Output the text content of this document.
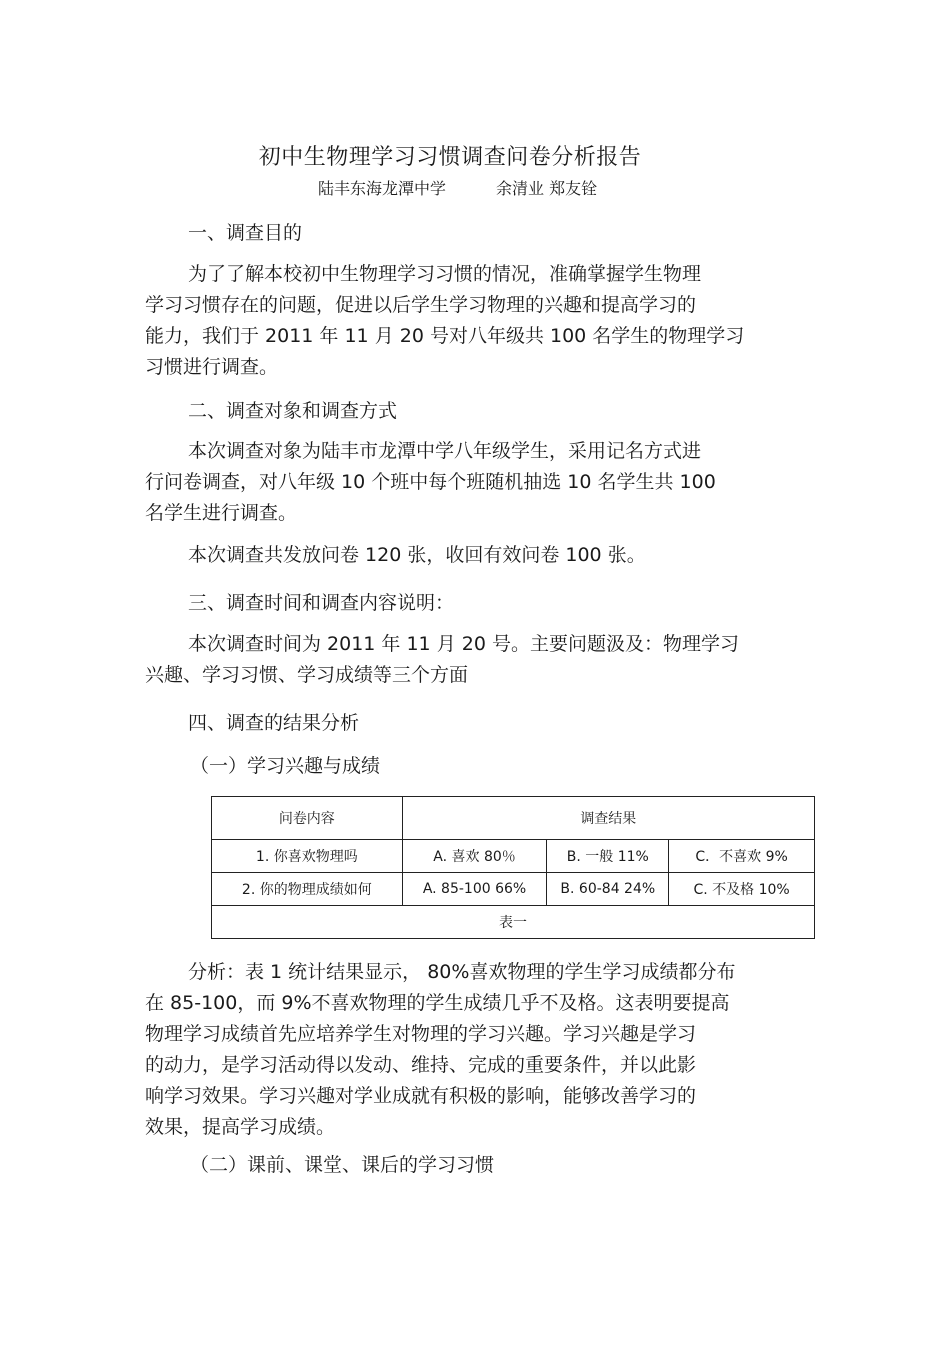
初中生物理学习习惯调查问卷分析报告
陆丰东海龙潭中学	余清业 郑友铨
一、调查目的
为了了解本校初中生物理学习习惯的情况，准确掌握学生物理
学习习惯存在的问题，促进以后学生学习物理的兴趣和提高学习的
能力，我们于 2011 年 11 月 20 号对八年级共 100 名学生的物理学习
习惯进行调查。
二、调查对象和调查方式
本次调查对象为陆丰市龙潭中学八年级学生，采用记名方式进
行问卷调查，对八年级 10 个班中每个班随机抽选 10 名学生共 100
名学生进行调查。
本次调查共发放问卷 120 张，收回有效问卷 100 张。
三、调查时间和调查内容说明：
本次调查时间为 2011 年 11 月 20 号。主要问题汲及：物理学习
兴趣、学习习惯、学习成绩等三个方面
四、调查的结果分析
（一）学习兴趣与成绩
问卷内容	调查结果		
1. 你喜欢物理吗	A. 喜欢 80％	B. 一般 11%	C．不喜欢 9%
2. 你的物理成绩如何	A. 85-100 66%	B. 60-84 24%	C. 不及格 10%
表一			
分析：表 1 统计结果显示， 80%喜欢物理的学生学习成绩都分布
在 85-100，而 9%不喜欢物理的学生成绩几乎不及格。这表明要提高
物理学习成绩首先应培养学生对物理的学习兴趣。学习兴趣是学习
的动力，是学习活动得以发动、维持、完成的重要条件，并以此影
响学习效果。学习兴趣对学业成就有积极的影响，能够改善学习的
效果，提高学习成绩。
（二）课前、课堂、课后的学习习惯
